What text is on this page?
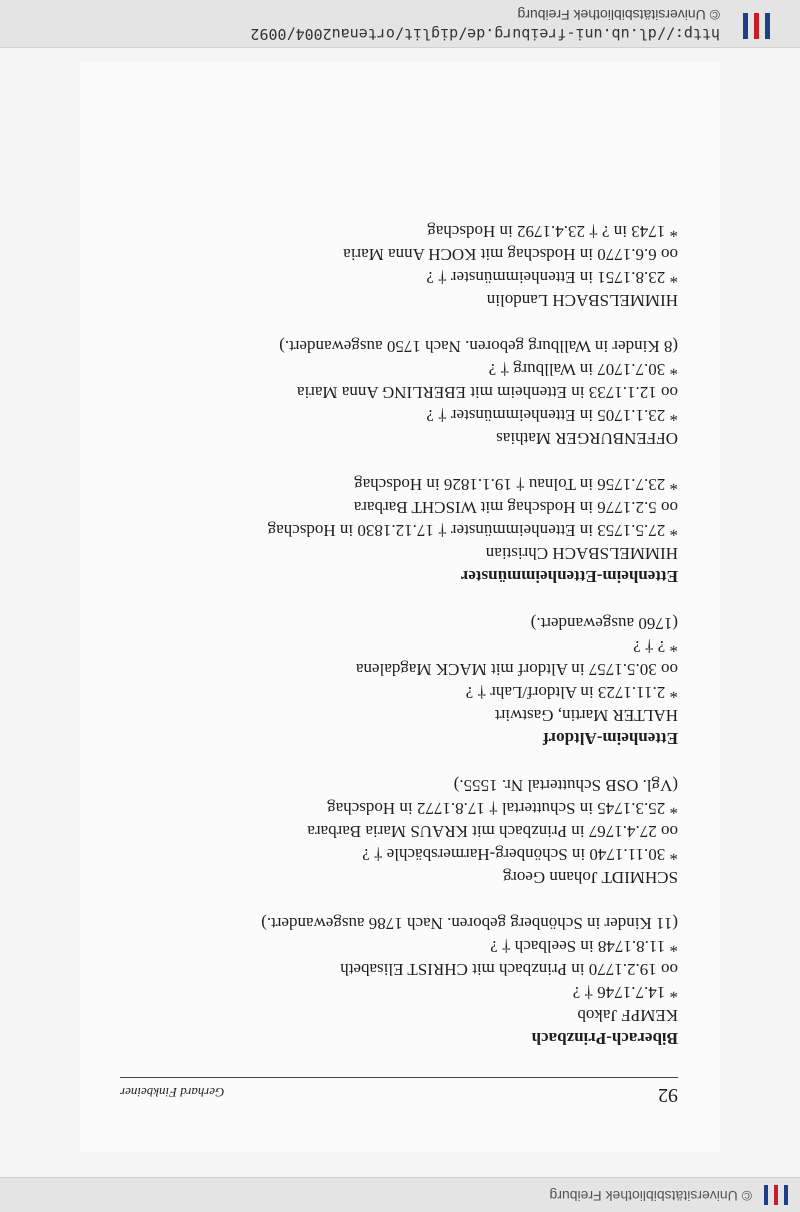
© Universitätsbibliothek Freiburg
92
Gerhard Finkbeiner

Biberach-Prinzbach

KEMPF Jakob

* 14.7.1746 † ?

oo 19.2.1770 in Prinzbach mit CHRIST Elisabeth

* 11.8.1748 in Seelbach † ?

(11 Kinder in Schönberg geboren. Nach 1786 ausgewandert.)

SCHMIDT Johann Georg

* 30.11.1740 in Schönberg-Harmersbächle † ?

oo 27.4.1767 in Prinzbach mit KRAUS Maria Barbara

* 25.3.1745 in Schuttertal † 17.8.1772 in Hodschag

(Vgl. OSB Schuttertal Nr. 1555.)

Ettenheim-Altdorf

HALTER Martin, Gastwirt

* 2.11.1723 in Altdorf/Lahr † ?

oo 30.5.1757 in Altdorf mit MACK Magdalena

* ? † ?

(1760 ausgewandert.)

Ettenheim-Ettenheimmünster

HIMMELSBACH Christian

* 27.5.1753 in Ettenheimmünster † 17.12.1830 in Hodschag

oo 5.2.1776 in Hodschag mit WISCHT Barbara

* 23.7.1756 in Tolnau † 19.1.1826 in Hodschag

OFFENBURGER Mathias

* 23.1.1705 in Ettenheimmünster † ?

oo 12.1.1733 in Ettenheim mit EBERLING Anna Maria

* 30.7.1707 in Wallburg † ?

(8 Kinder in Wallburg geboren. Nach 1750 ausgewandert.)

HIMMELSBACH Landolin

* 23.8.1751 in Ettenheimmünster † ?

oo 6.6.1770 in Hodschag mit KOCH Anna Maria

* 1743 in ? † 23.4.1792 in Hodschag

http://dl.ub.uni-freiburg.de/diglit/ortenau2004/0092
© Universitätsbibliothek Freiburg
